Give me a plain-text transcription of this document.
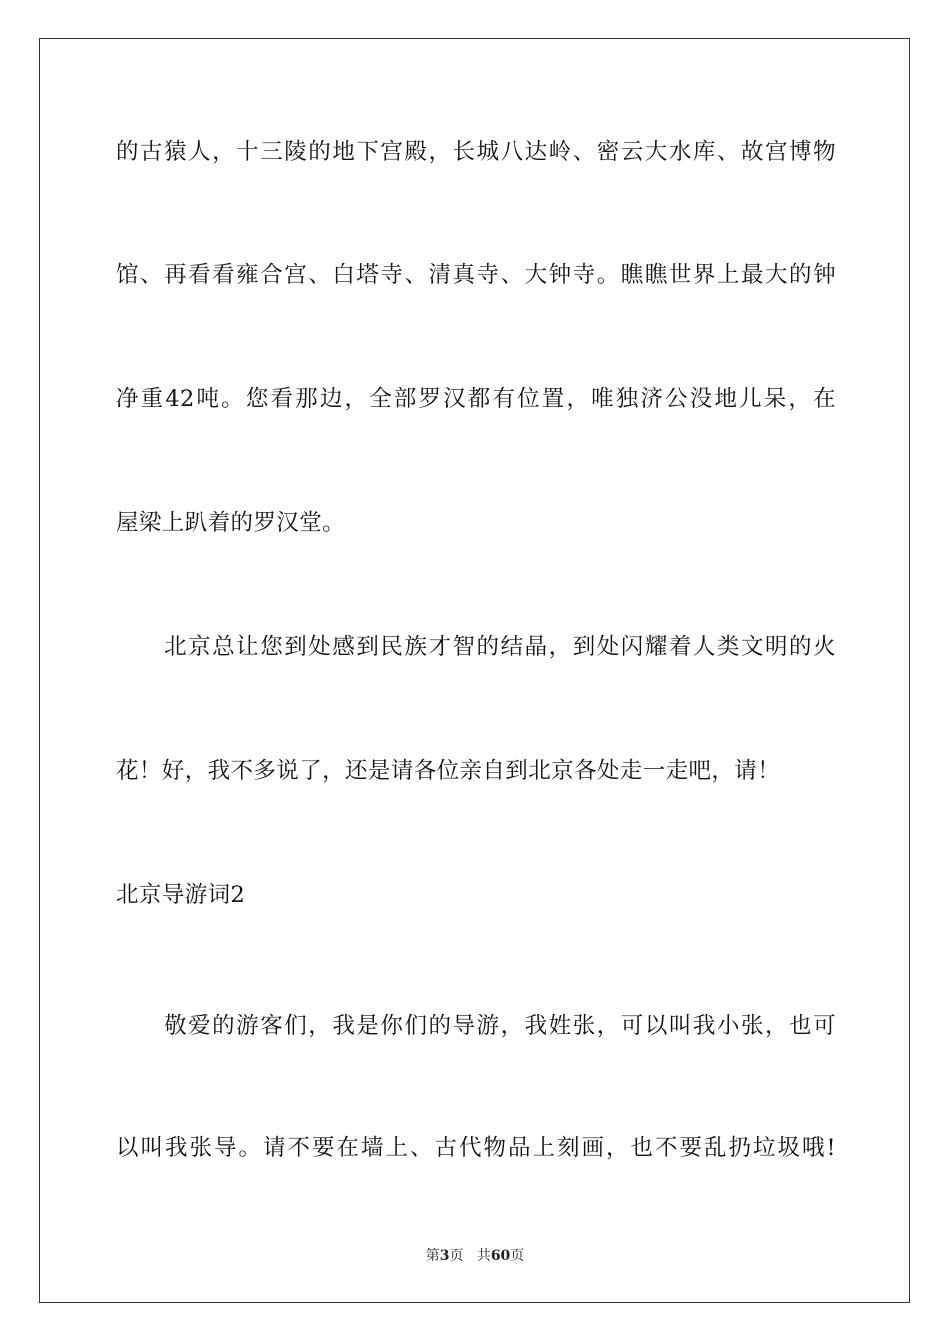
的古猿人，十三陵的地下宫殿，长城八达岭、密云大水库、故宫博物
馆、再看看雍合宫、白塔寺、清真寺、大钟寺。瞧瞧世界上最大的钟
净重42吨。您看那边，全部罗汉都有位置，唯独济公没地儿呆，在
屋梁上趴着的罗汉堂。
　　北京总让您到处感到民族才智的结晶，到处闪耀着人类文明的火
花！好，我不多说了，还是请各位亲自到北京各处走一走吧，请！
北京导游词2
　　敬爱的游客们，我是你们的导游，我姓张，可以叫我小张，也可
以叫我张导。请不要在墙上、古代物品上刻画，也不要乱扔垃圾哦!
第3页 共60页
